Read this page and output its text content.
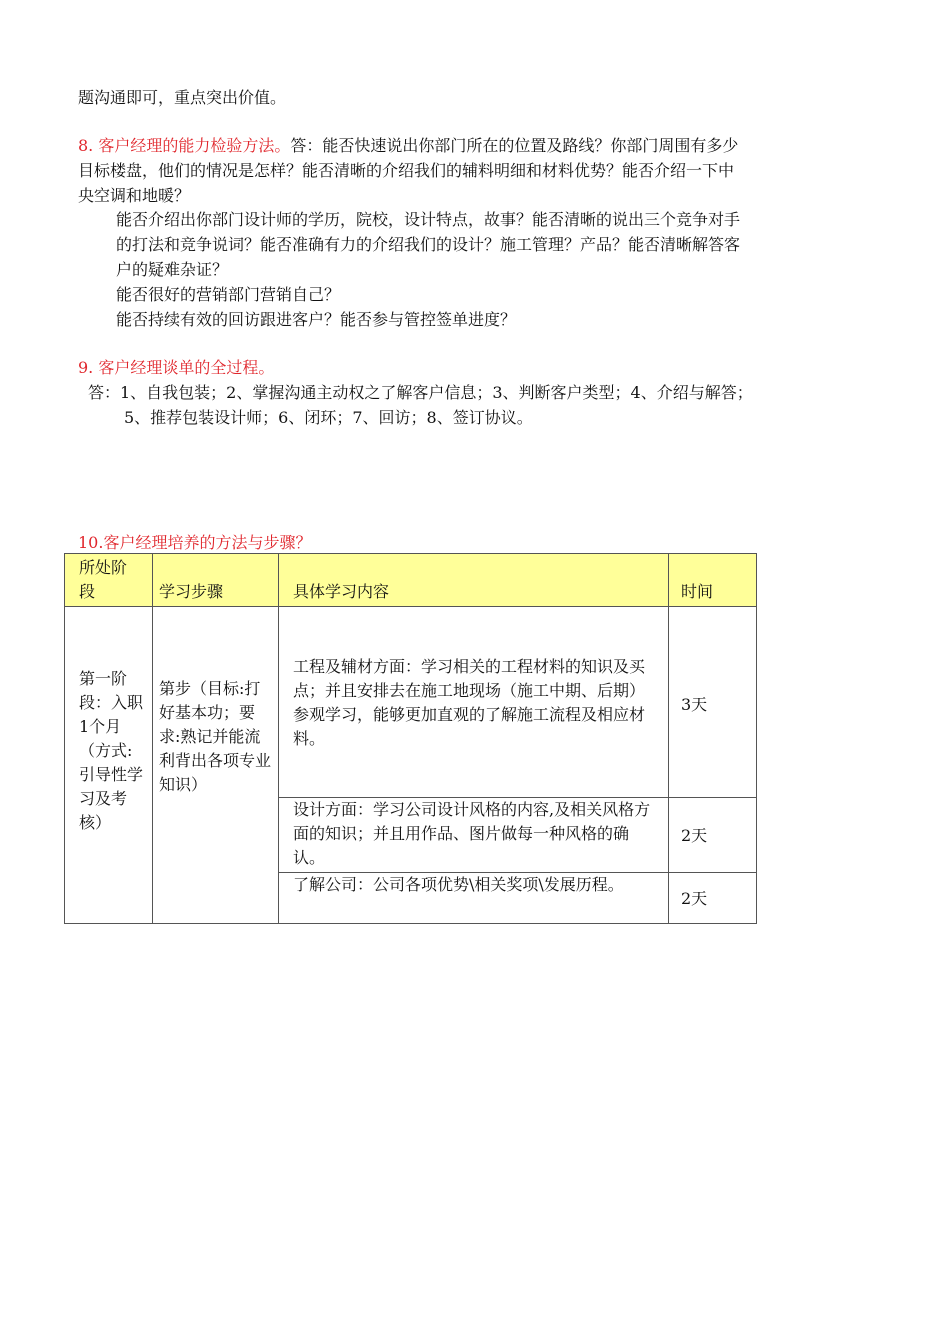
题沟通即可，重点突出价值。
8. 客户经理的能力检验方法。答：能否快速说出你部门所在的位置及路线？你部门周围有多少
目标楼盘，他们的情况是怎样？能否清晰的介绍我们的辅料明细和材料优势？能否介绍一下中
央空调和地暖？
能否介绍出你部门设计师的学历，院校，设计特点，故事？能否清晰的说出三个竞争对手
的打法和竞争说词？能否准确有力的介绍我们的设计？施工管理？产品？能否清晰解答客
户的疑难杂证？
能否很好的营销部门营销自己？
能否持续有效的回访跟进客户？能否参与管控签单进度？
9. 客户经理谈单的全过程。
答：1、自我包装；2、掌握沟通主动权之了解客户信息；3、判断客户类型；4、介绍与解答；
5、推荐包装设计师；6、闭环；7、回访；8、签订协议。
10.客户经理培养的方法与步骤？
所处阶段	学习步骤	具体学习内容	时间
第一阶段：入职1个月（方式:引导性学习及考核）	第步（目标:打好基本功；要求:熟记并能流利背出各项专业知识）	工程及辅材方面：学习相关的工程材料的知识及买点；并且安排去在施工地现场（施工中期、后期）参观学习，能够更加直观的了解施工流程及相应材料。	3天
		设计方面：学习公司设计风格的内容,及相关风格方面的知识；并且用作品、图片做每一种风格的确认。	2天
		了解公司：公司各项优势\相关奖项\发展历程。	2天
